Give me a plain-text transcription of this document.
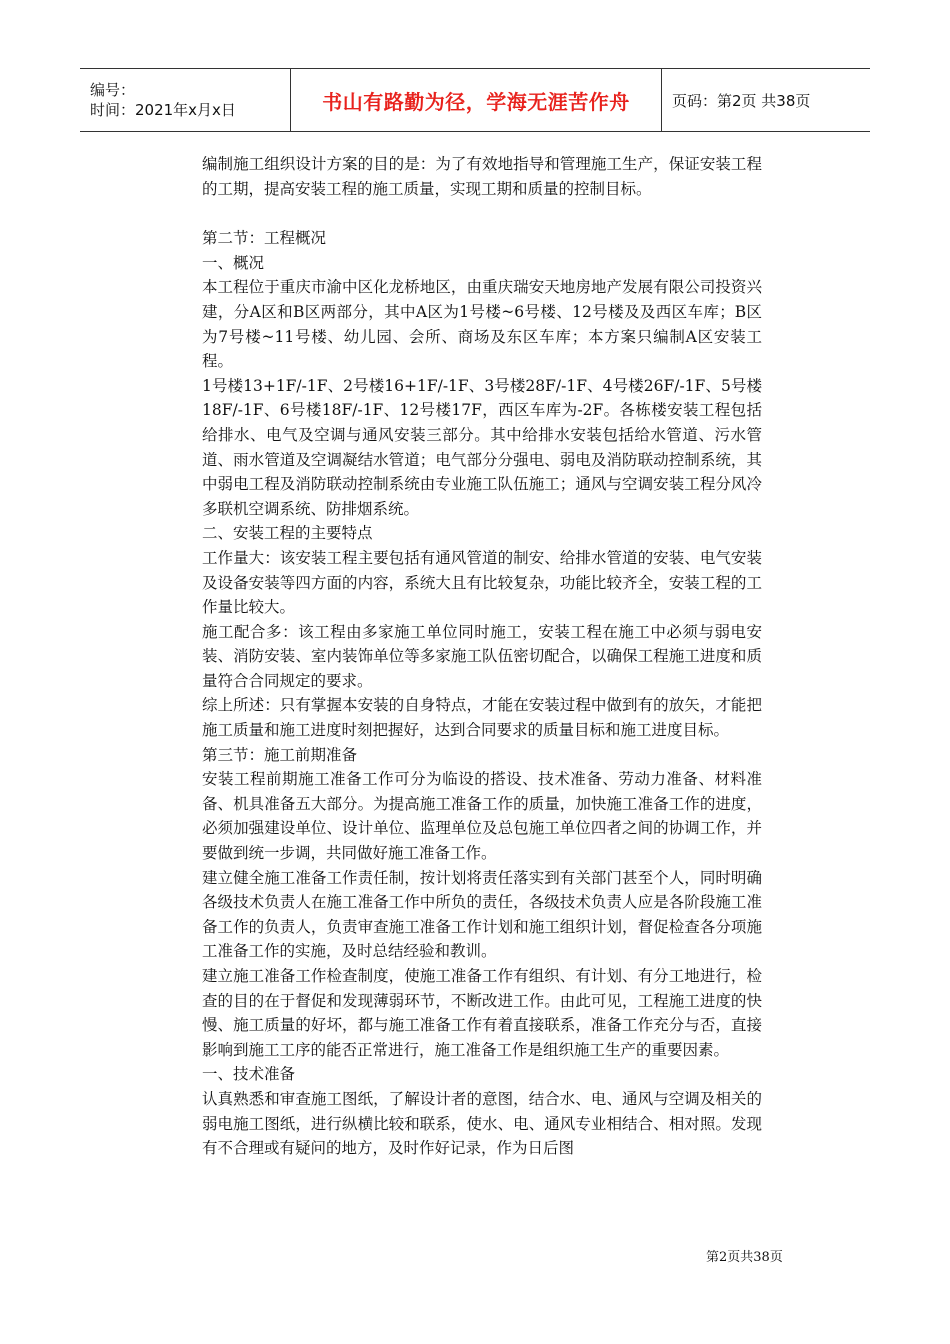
编号：
时间：2021年x月x日	书山有路勤为径，学海无涯苦作舟	页码：第2页 共38页

编制施工组织设计方案的目的是：为了有效地指导和管理施工生产，保证安装工程的工期，提高安装工程的施工质量，实现工期和质量的控制目标。

第二节：工程概况

一、概况

本工程位于重庆市渝中区化龙桥地区，由重庆瑞安天地房地产发展有限公司投资兴建，分A区和B区两部分，其中A区为1号楼~6号楼、12号楼及及西区车库；B区为7号楼~11号楼、幼儿园、会所、商场及东区车库；本方案只编制A区安装工程。

1号楼13+1F/-1F、2号楼16+1F/-1F、3号楼28F/-1F、4号楼26F/-1F、5号楼18F/-1F、6号楼18F/-1F、12号楼17F，西区车库为-2F。各栋楼安装工程包括给排水、电气及空调与通风安装三部分。其中给排水安装包括给水管道、污水管道、雨水管道及空调凝结水管道；电气部分分强电、弱电及消防联动控制系统，其中弱电工程及消防联动控制系统由专业施工队伍施工；通风与空调安装工程分风冷多联机空调系统、防排烟系统。

二、安装工程的主要特点

工作量大：该安装工程主要包括有通风管道的制安、给排水管道的安装、电气安装及设备安装等四方面的内容，系统大且有比较复杂，功能比较齐全，安装工程的工作量比较大。

施工配合多：该工程由多家施工单位同时施工，安装工程在施工中必须与弱电安装、消防安装、室内装饰单位等多家施工队伍密切配合，以确保工程施工进度和质量符合合同规定的要求。

综上所述：只有掌握本安装的自身特点，才能在安装过程中做到有的放矢，才能把施工质量和施工进度时刻把握好，达到合同要求的质量目标和施工进度目标。

第三节：施工前期准备

安装工程前期施工准备工作可分为临设的搭设、技术准备、劳动力准备、材料准备、机具准备五大部分。为提高施工准备工作的质量，加快施工准备工作的进度，必须加强建设单位、设计单位、监理单位及总包施工单位四者之间的协调工作，并要做到统一步调，共同做好施工准备工作。

建立健全施工准备工作责任制，按计划将责任落实到有关部门甚至个人，同时明确各级技术负责人在施工准备工作中所负的责任，各级技术负责人应是各阶段施工准备工作的负责人，负责审查施工准备工作计划和施工组织计划，督促检查各分项施工准备工作的实施，及时总结经验和教训。

建立施工准备工作检查制度，使施工准备工作有组织、有计划、有分工地进行，检查的目的在于督促和发现薄弱环节，不断改进工作。由此可见，工程施工进度的快慢、施工质量的好坏，都与施工准备工作有着直接联系，准备工作充分与否，直接影响到施工工序的能否正常进行，施工准备工作是组织施工生产的重要因素。

一、技术准备

认真熟悉和审查施工图纸，了解设计者的意图，结合水、电、通风与空调及相关的弱电施工图纸，进行纵横比较和联系，使水、电、通风专业相结合、相对照。发现有不合理或有疑问的地方，及时作好记录，作为日后图

第2页共38页
